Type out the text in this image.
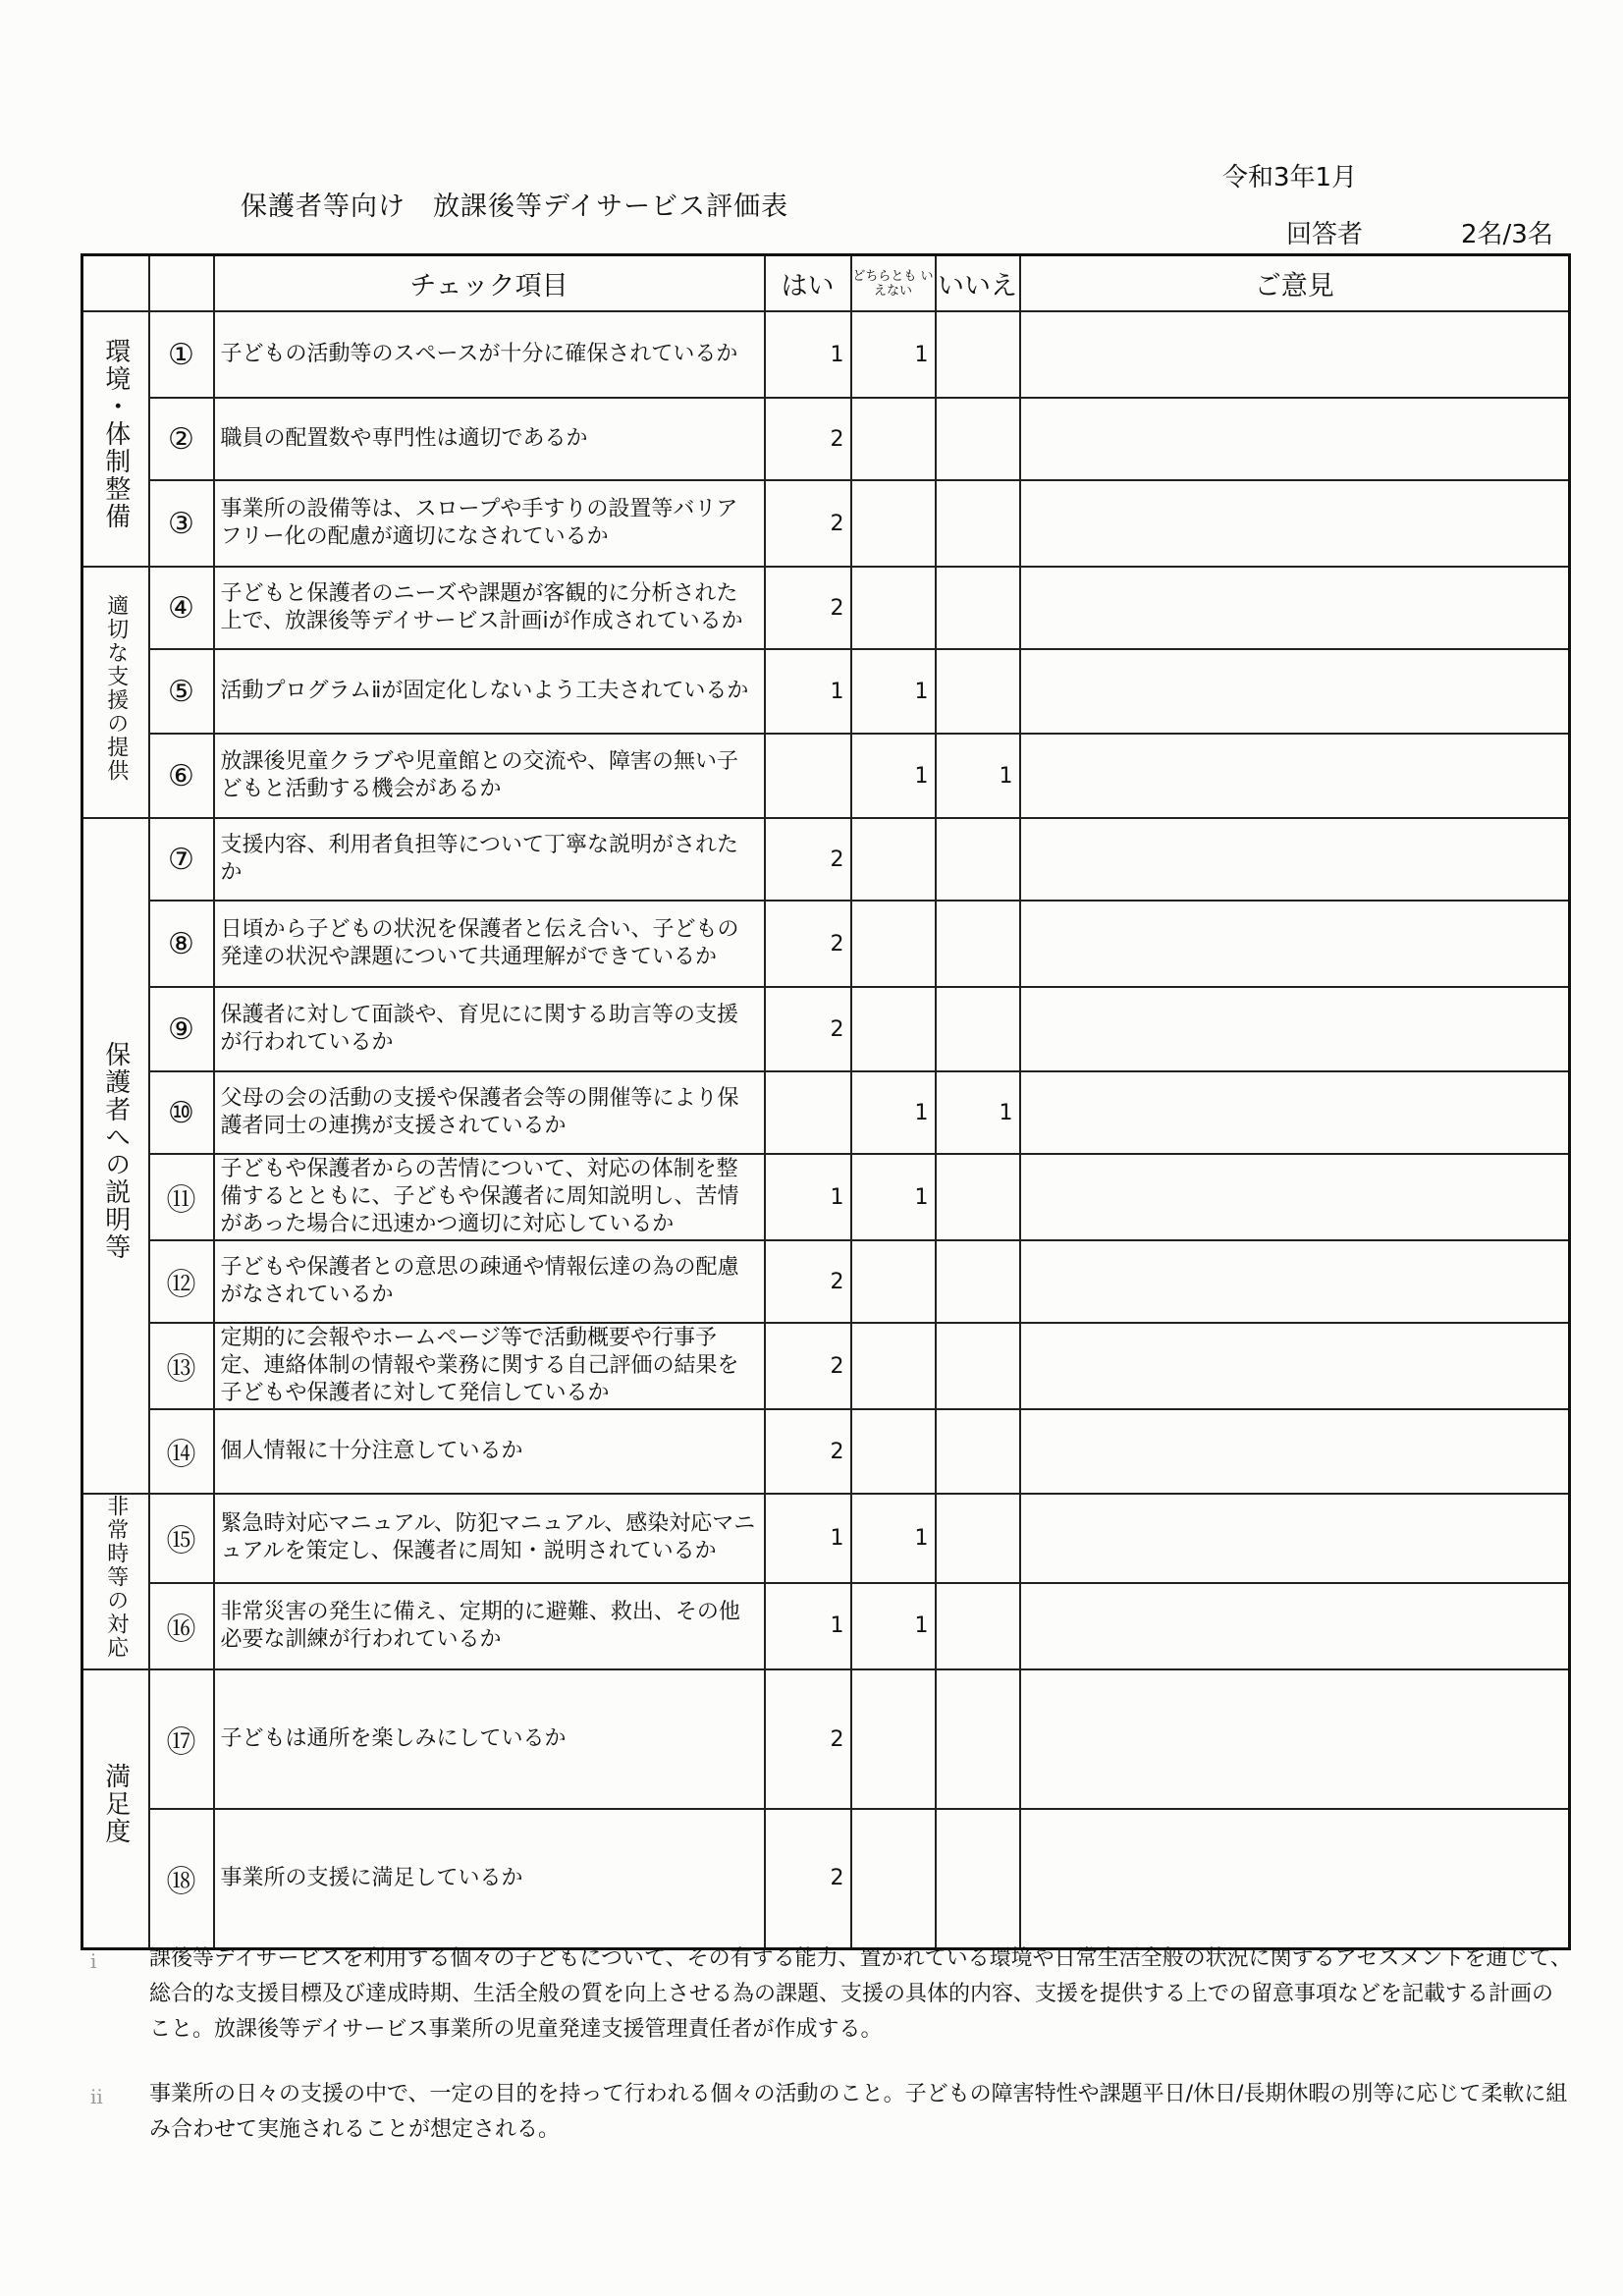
令和3年1月
保護者等向け　放課後等デイサービス評価表
回答者	2名/3名
		チェック項目	はい	どちらとも いえない	いいえ	ご意見
環境・体制整備	①	子どもの活動等のスペースが十分に確保されているか	1	1		
	②	職員の配置数や専門性は適切であるか	2			
	③	事業所の設備等は、スロープや手すりの設置等バリアフリー化の配慮が適切になされているか	2			
適切な支援の提供	④	子どもと保護者のニーズや課題が客観的に分析された上で、放課後等デイサービス計画ⅰが作成されているか	2			
	⑤	活動プログラムⅱが固定化しないよう工夫されているか	1	1		
	⑥	放課後児童クラブや児童館との交流や、障害の無い子どもと活動する機会があるか		1	1	
保護者への説明等	⑦	支援内容、利用者負担等について丁寧な説明がされたか	2			
	⑧	日頃から子どもの状況を保護者と伝え合い、子どもの発達の状況や課題について共通理解ができているか	2			
	⑨	保護者に対して面談や、育児にに関する助言等の支援が行われているか	2			
	⑩	父母の会の活動の支援や保護者会等の開催等により保護者同士の連携が支援されているか		1	1	
	⑪	子どもや保護者からの苦情について、対応の体制を整備するとともに、子どもや保護者に周知説明し、苦情があった場合に迅速かつ適切に対応しているか	1	1		
	⑫	子どもや保護者との意思の疎通や情報伝達の為の配慮がなされているか	2			
	⑬	定期的に会報やホームページ等で活動概要や行事予定、連絡体制の情報や業務に関する自己評価の結果を子どもや保護者に対して発信しているか	2			
	⑭	個人情報に十分注意しているか	2			
非常時等の対応	⑮	緊急時対応マニュアル、防犯マニュアル、感染対応マニュアルを策定し、保護者に周知・説明されているか	1	1		
	⑯	非常災害の発生に備え、定期的に避難、救出、その他必要な訓練が行われているか	1	1		
満足度	⑰	子どもは通所を楽しみにしているか	2			
	⑱	事業所の支援に満足しているか	2			
ⅰ 課後等デイサービスを利用する個々の子どもについて、その有する能力、置かれている環境や日常生活全般の状況に関するアセスメントを通じて、総合的な支援目標及び達成時期、生活全般の質を向上させる為の課題、支援の具体的内容、支援を提供する上での留意事項などを記載する計画のこと。放課後等デイサービス事業所の児童発達支援管理責任者が作成する。
ⅱ 事業所の日々の支援の中で、一定の目的を持って行われる個々の活動のこと。子どもの障害特性や課題平日/休日/長期休暇の別等に応じて柔軟に組み合わせて実施されることが想定される。
